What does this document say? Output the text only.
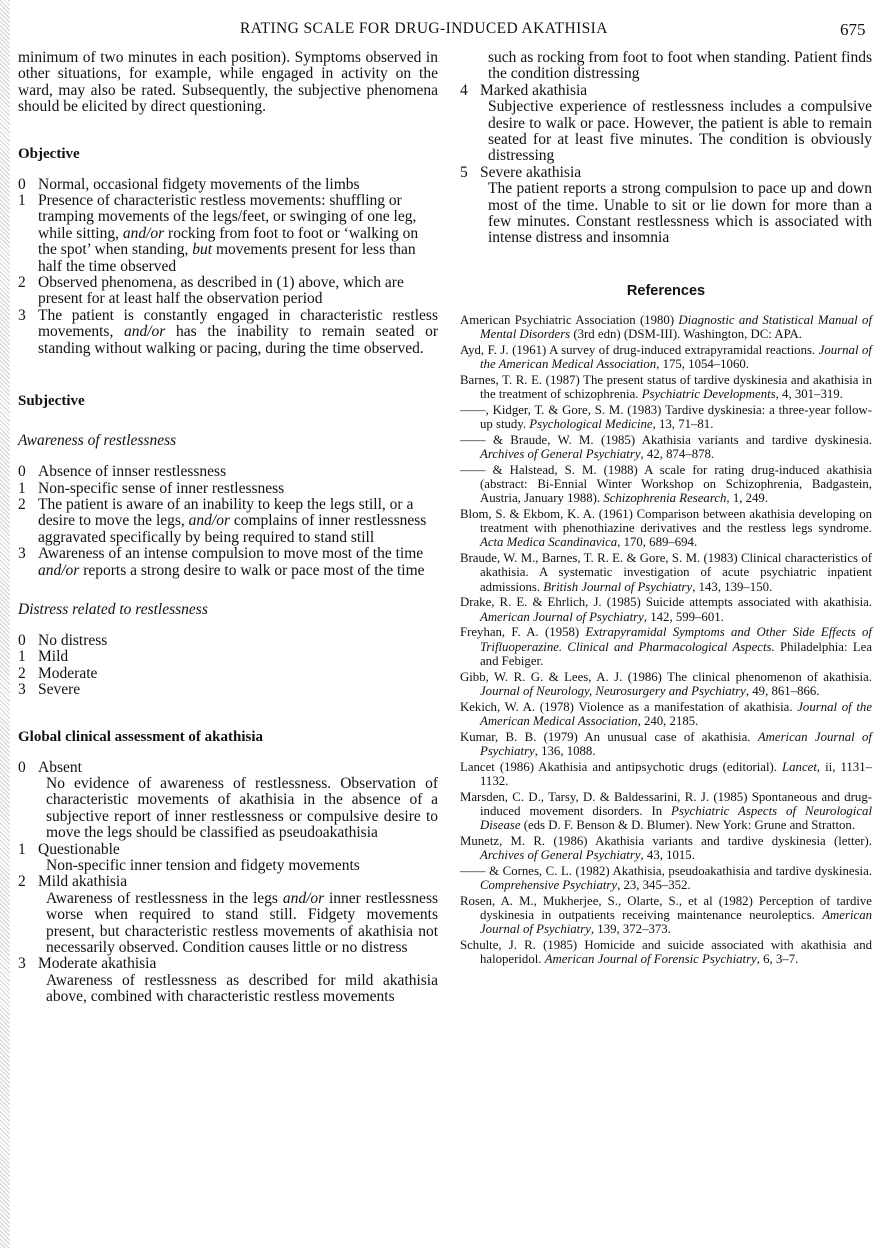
RATING SCALE FOR DRUG-INDUCED AKATHISIA	675

minimum of two minutes in each position). Symptoms observed in other situations, for example, while engaged in activity on the ward, may also be rated. Subsequently, the subjective phenomena should be elicited by direct questioning.

Objective
0 Normal, occasional fidgety movements of the limbs
1 Presence of characteristic restless movements: shuffling or tramping movements of the legs/feet, or swinging of one leg, while sitting, and/or rocking from foot to foot or ‘walking on the spot’ when standing, but movements present for less than half the time observed
2 Observed phenomena, as described in (1) above, which are present for at least half the observation period
3 The patient is constantly engaged in characteristic restless movements, and/or has the inability to remain seated or standing without walking or pacing, during the time observed.
Subjective
Awareness of restlessness
0 Absence of innser restlessness
1 Non-specific sense of inner restlessness
2 The patient is aware of an inability to keep the legs still, or a desire to move the legs, and/or complains of inner restlessness aggravated specifically by being required to stand still
3 Awareness of an intense compulsion to move most of the time and/or reports a strong desire to walk or pace most of the time
Distress related to restlessness
0 No distress
1 Mild
2 Moderate
3 Severe
Global clinical assessment of akathisia
0 Absent

No evidence of awareness of restlessness. Observation of characteristic movements of akathisia in the absence of a subjective report of inner restlessness or compulsive desire to move the legs should be classified as pseudoakathisia

1 Questionable

Non-specific inner tension and fidgety movements

2 Mild akathisia

Awareness of restlessness in the legs and/or inner restlessness worse when required to stand still. Fidgety movements present, but characteristic restless movements of akathisia not necessarily observed. Condition causes little or no distress

3 Moderate akathisia

Awareness of restlessness as described for mild akathisia above, combined with characteristic restless movements

such as rocking from foot to foot when standing. Patient finds the condition distressing

4 Marked akathisia

Subjective experience of restlessness includes a compulsive desire to walk or pace. However, the patient is able to remain seated for at least five minutes. The condition is obviously distressing

5 Severe akathisia

The patient reports a strong compulsion to pace up and down most of the time. Unable to sit or lie down for more than a few minutes. Constant restlessness which is associated with intense distress and insomnia

References

American Psychiatric Association (1980) Diagnostic and Statistical Manual of Mental Disorders (3rd edn) (DSM-III). Washington, DC: APA.

Ayd, F. J. (1961) A survey of drug-induced extrapyramidal reactions. Journal of the American Medical Association, 175, 1054–1060.

Barnes, T. R. E. (1987) The present status of tardive dyskinesia and akathisia in the treatment of schizophrenia. Psychiatric Developments, 4, 301–319.

——, Kidger, T. & Gore, S. M. (1983) Tardive dyskinesia: a three-year follow-up study. Psychological Medicine, 13, 71–81.

—— & Braude, W. M. (1985) Akathisia variants and tardive dyskinesia. Archives of General Psychiatry, 42, 874–878.

—— & Halstead, S. M. (1988) A scale for rating drug-induced akathisia (abstract: Bi-Ennial Winter Workshop on Schizophrenia, Badgastein, Austria, January 1988). Schizophrenia Research, 1, 249.

Blom, S. & Ekbom, K. A. (1961) Comparison between akathisia developing on treatment with phenothiazine derivatives and the restless legs syndrome. Acta Medica Scandinavica, 170, 689–694.

Braude, W. M., Barnes, T. R. E. & Gore, S. M. (1983) Clinical characteristics of akathisia. A systematic investigation of acute psychiatric inpatient admissions. British Journal of Psychiatry, 143, 139–150.

Drake, R. E. & Ehrlich, J. (1985) Suicide attempts associated with akathisia. American Journal of Psychiatry, 142, 599–601.

Freyhan, F. A. (1958) Extrapyramidal Symptoms and Other Side Effects of Trifluoperazine. Clinical and Pharmacological Aspects. Philadelphia: Lea and Febiger.

Gibb, W. R. G. & Lees, A. J. (1986) The clinical phenomenon of akathisia. Journal of Neurology, Neurosurgery and Psychiatry, 49, 861–866.

Kekich, W. A. (1978) Violence as a manifestation of akathisia. Journal of the American Medical Association, 240, 2185.

Kumar, B. B. (1979) An unusual case of akathisia. American Journal of Psychiatry, 136, 1088.

Lancet (1986) Akathisia and antipsychotic drugs (editorial). Lancet, ii, 1131–1132.

Marsden, C. D., Tarsy, D. & Baldessarini, R. J. (1985) Spontaneous and drug-induced movement disorders. In Psychiatric Aspects of Neurological Disease (eds D. F. Benson & D. Blumer). New York: Grune and Stratton.

Munetz, M. R. (1986) Akathisia variants and tardive dyskinesia (letter). Archives of General Psychiatry, 43, 1015.

—— & Cornes, C. L. (1982) Akathisia, pseudoakathisia and tardive dyskinesia. Comprehensive Psychiatry, 23, 345–352.

Rosen, A. M., Mukherjee, S., Olarte, S., et al (1982) Perception of tardive dyskinesia in outpatients receiving maintenance neuroleptics. American Journal of Psychiatry, 139, 372–373.

Schulte, J. R. (1985) Homicide and suicide associated with akathisia and haloperidol. American Journal of Forensic Psychiatry, 6, 3–7.
